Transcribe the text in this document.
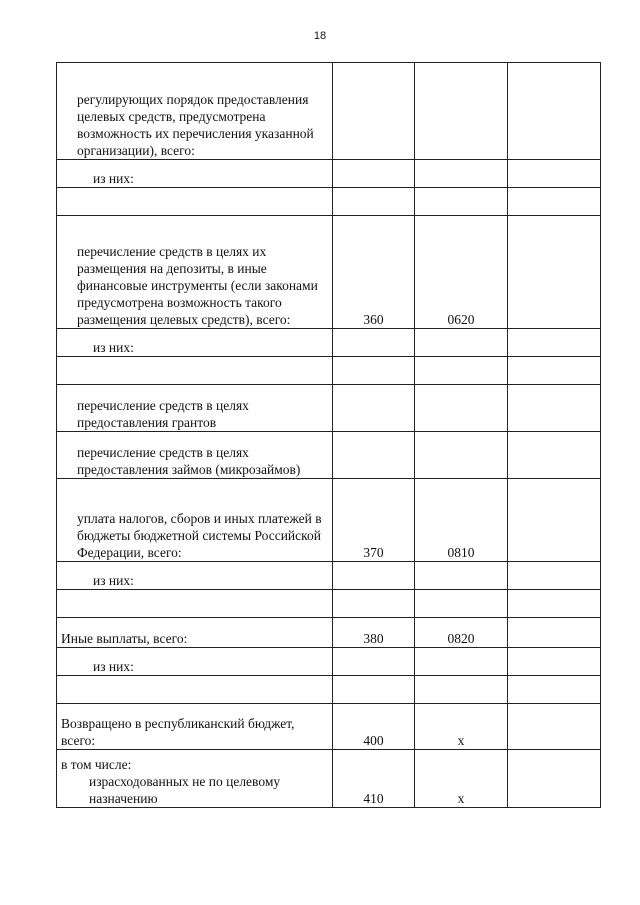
18
регулирующих порядок предоставления целевых средств, предусмотрена возможность их перечисления указанной организации), всего:			
из них:			

перечисление средств в целях их размещения на депозиты, в иные финансовые инструменты (если законами предусмотрена возможность такого размещения целевых средств), всего:	360	0620	
из них:			

перечисление средств в целях предоставления грантов			
перечисление средств в целях предоставления займов (микрозаймов)			
уплата налогов, сборов и иных платежей в бюджеты бюджетной системы Российской Федерации, всего:	370	0810	
из них:			

Иные выплаты, всего:	380	0820	
из них:			

Возвращено в республиканский бюджет, всего:	400	x	
в том числе:
израсходованных не по целевому назначению	410	x	
